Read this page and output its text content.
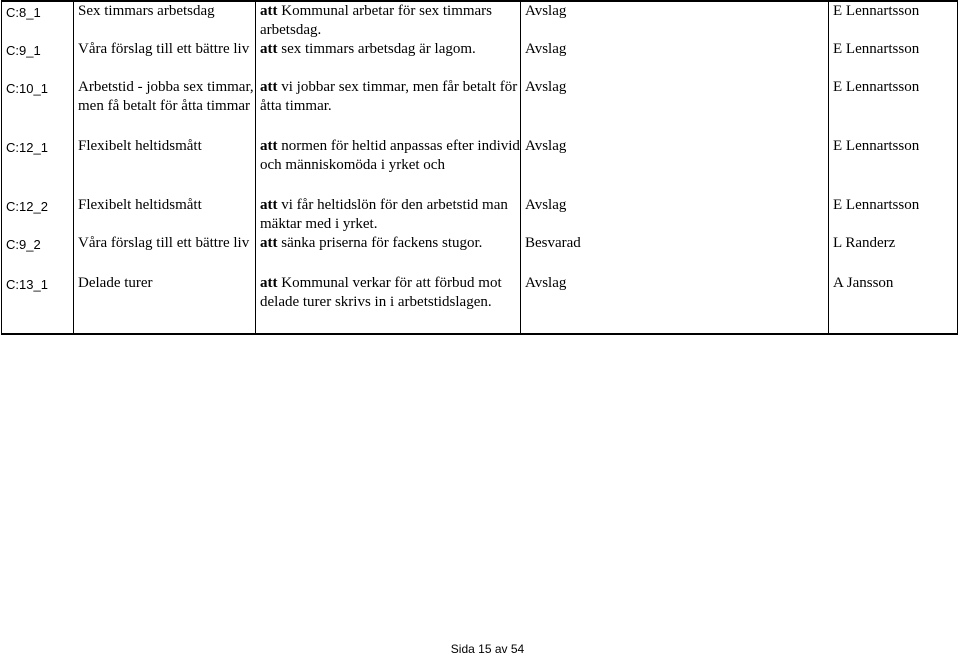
C:8_1	Sex timmars arbetsdag	att Kommunal arbetar för sex timmars arbetsdag.	Avslag	E Lennartsson
C:9_1	Våra förslag till ett bättre liv	att sex timmars arbetsdag är lagom.	Avslag	E Lennartsson
C:10_1	Arbetstid - jobba sex timmar, men få betalt för åtta timmar	att vi jobbar sex timmar, men får betalt för åtta timmar.	Avslag	E Lennartsson
C:12_1	Flexibelt heltidsmått	att normen för heltid anpassas efter individ och människomöda i yrket och	Avslag	E Lennartsson
C:12_2	Flexibelt heltidsmått	att vi får heltidslön för den arbetstid man mäktar med i yrket.	Avslag	E Lennartsson
C:9_2	Våra förslag till ett bättre liv	att sänka priserna för fackens stugor.	Besvarad	L Randerz
C:13_1	Delade turer	att Kommunal verkar för att förbud mot delade turer skrivs in i arbetstidslagen.	Avslag	A Jansson
Sida 15 av 54
